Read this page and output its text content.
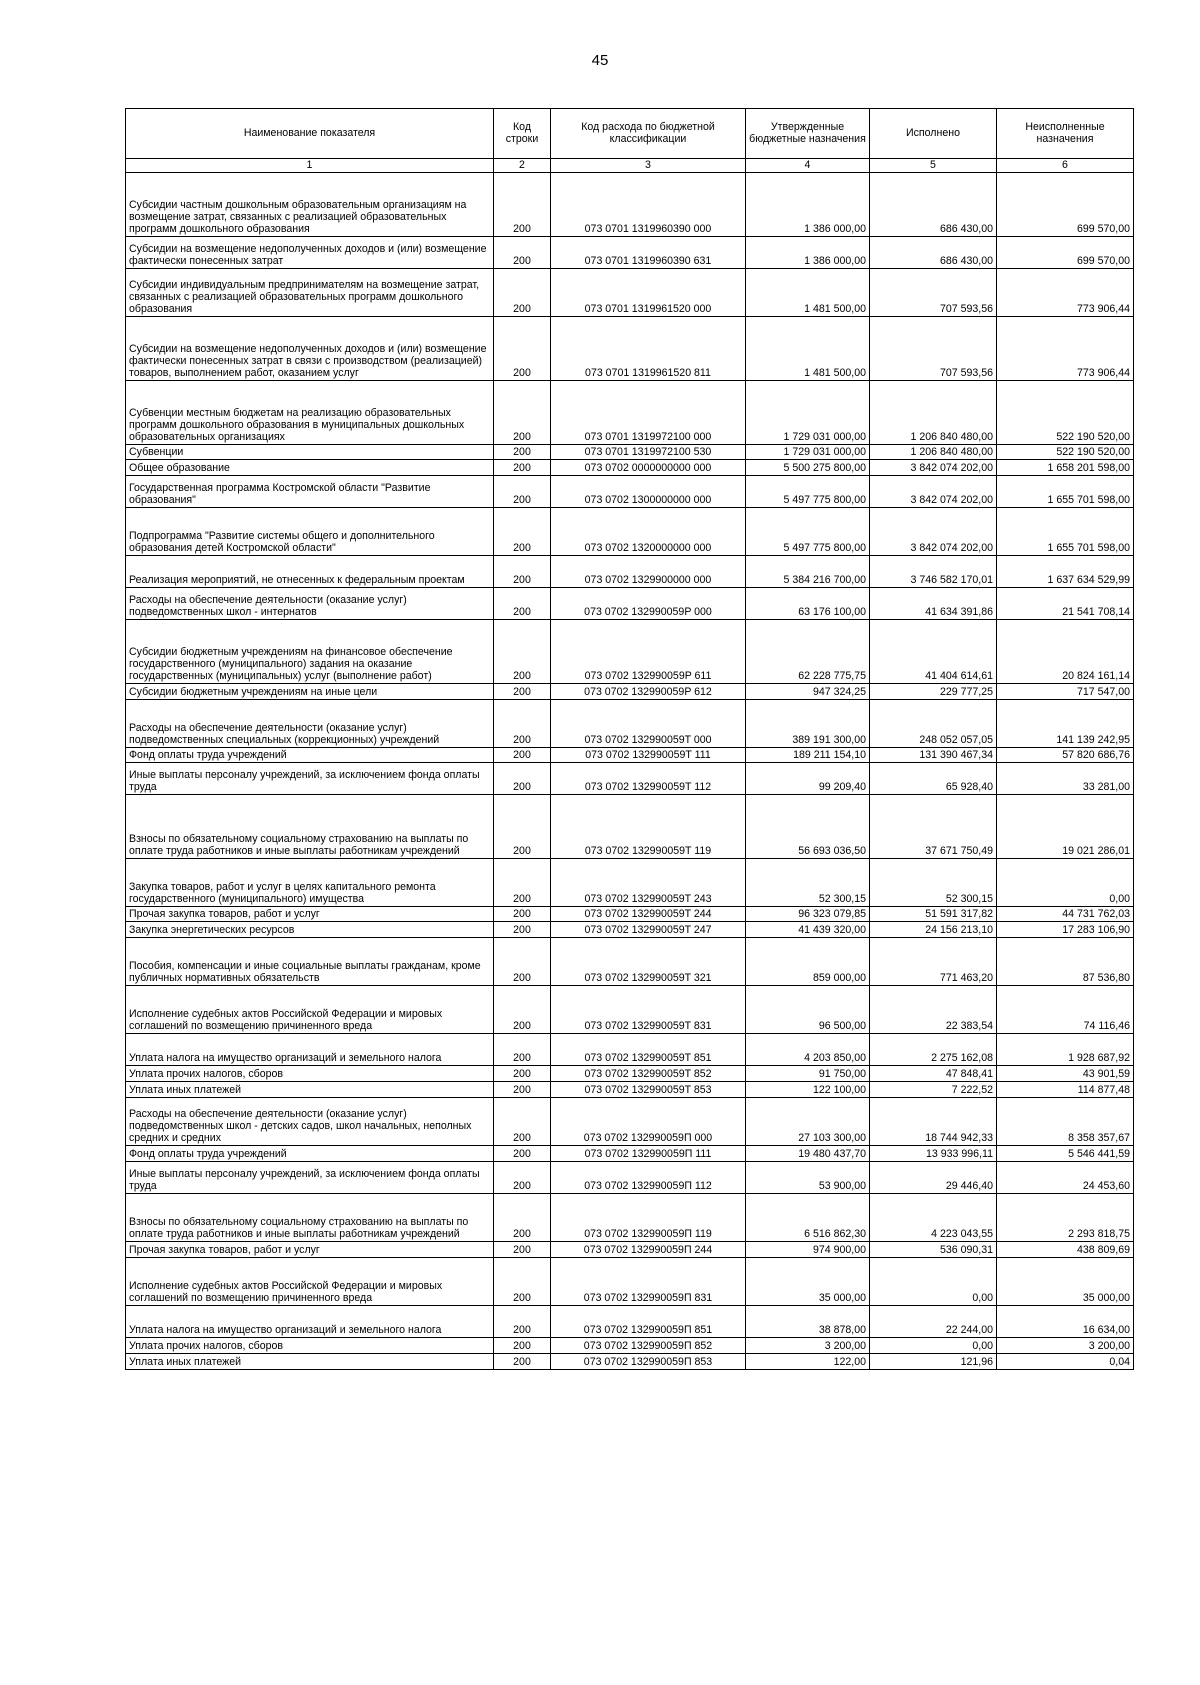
45
Наименование показателя	Код строки	Код расхода по бюджетной классификации	Утвержденные бюджетные назначения	Исполнено	Неисполненные назначения
1	2	3	4	5	6
Субсидии частным дошкольным образовательным организациям на возмещение затрат, связанных с реализацией образовательных программ дошкольного образования	200	073 0701 1319960390 000	1 386 000,00	686 430,00	699 570,00
Субсидии на возмещение недополученных доходов и (или) возмещение фактически понесенных затрат	200	073 0701 1319960390 631	1 386 000,00	686 430,00	699 570,00
Субсидии индивидуальным предпринимателям на возмещение затрат, связанных с реализацией образовательных программ дошкольного образования	200	073 0701 1319961520 000	1 481 500,00	707 593,56	773 906,44
Субсидии на возмещение недополученных доходов и (или) возмещение фактически понесенных затрат в связи с производством (реализацией) товаров, выполнением работ, оказанием услуг	200	073 0701 1319961520 811	1 481 500,00	707 593,56	773 906,44
Субвенции местным бюджетам на реализацию образовательных программ дошкольного образования в муниципальных дошкольных образовательных организациях	200	073 0701 1319972100 000	1 729 031 000,00	1 206 840 480,00	522 190 520,00
Субвенции	200	073 0701 1319972100 530	1 729 031 000,00	1 206 840 480,00	522 190 520,00
Общее образование	200	073 0702 0000000000 000	5 500 275 800,00	3 842 074 202,00	1 658 201 598,00
Государственная программа Костромской области "Развитие образования"	200	073 0702 1300000000 000	5 497 775 800,00	3 842 074 202,00	1 655 701 598,00
Подпрограмма "Развитие системы общего и дополнительного образования детей Костромской области"	200	073 0702 1320000000 000	5 497 775 800,00	3 842 074 202,00	1 655 701 598,00
Реализация мероприятий, не отнесенных к федеральным проектам	200	073 0702 1329900000 000	5 384 216 700,00	3 746 582 170,01	1 637 634 529,99
Расходы на обеспечение деятельности (оказание услуг) подведомственных школ - интернатов	200	073 0702 132990059P 000	63 176 100,00	41 634 391,86	21 541 708,14
Субсидии бюджетным учреждениям на финансовое обеспечение государственного (муниципального) задания на оказание государственных (муниципальных) услуг (выполнение работ)	200	073 0702 132990059P 611	62 228 775,75	41 404 614,61	20 824 161,14
Субсидии бюджетным учреждениям на иные цели	200	073 0702 132990059P 612	947 324,25	229 777,25	717 547,00
Расходы на обеспечение деятельности (оказание услуг) подведомственных специальных (коррекционных) учреждений	200	073 0702 132990059T 000	389 191 300,00	248 052 057,05	141 139 242,95
Фонд оплаты труда учреждений	200	073 0702 132990059T 111	189 211 154,10	131 390 467,34	57 820 686,76
Иные выплаты персоналу учреждений, за исключением фонда оплаты труда	200	073 0702 132990059T 112	99 209,40	65 928,40	33 281,00
Взносы по обязательному социальному страхованию на выплаты по оплате труда работников и иные выплаты работникам учреждений	200	073 0702 132990059T 119	56 693 036,50	37 671 750,49	19 021 286,01
Закупка товаров, работ и услуг в целях капитального ремонта государственного (муниципального) имущества	200	073 0702 132990059T 243	52 300,15	52 300,15	0,00
Прочая закупка товаров, работ и услуг	200	073 0702 132990059T 244	96 323 079,85	51 591 317,82	44 731 762,03
Закупка энергетических ресурсов	200	073 0702 132990059T 247	41 439 320,00	24 156 213,10	17 283 106,90
Пособия, компенсации и иные социальные выплаты гражданам, кроме публичных нормативных обязательств	200	073 0702 132990059T 321	859 000,00	771 463,20	87 536,80
Исполнение судебных актов Российской Федерации и мировых соглашений по возмещению причиненного вреда	200	073 0702 132990059T 831	96 500,00	22 383,54	74 116,46
Уплата налога на имущество организаций и земельного налога	200	073 0702 132990059T 851	4 203 850,00	2 275 162,08	1 928 687,92
Уплата прочих налогов, сборов	200	073 0702 132990059T 852	91 750,00	47 848,41	43 901,59
Уплата иных платежей	200	073 0702 132990059T 853	122 100,00	7 222,52	114 877,48
Расходы на обеспечение деятельности (оказание услуг) подведомственных школ - детских садов, школ начальных, неполных средних и средних	200	073 0702 132990059П 000	27 103 300,00	18 744 942,33	8 358 357,67
Фонд оплаты труда учреждений	200	073 0702 132990059П 111	19 480 437,70	13 933 996,11	5 546 441,59
Иные выплаты персоналу учреждений, за исключением фонда оплаты труда	200	073 0702 132990059П 112	53 900,00	29 446,40	24 453,60
Взносы по обязательному социальному страхованию на выплаты по оплате труда работников и иные выплаты работникам учреждений	200	073 0702 132990059П 119	6 516 862,30	4 223 043,55	2 293 818,75
Прочая закупка товаров, работ и услуг	200	073 0702 132990059П 244	974 900,00	536 090,31	438 809,69
Исполнение судебных актов Российской Федерации и мировых соглашений по возмещению причиненного вреда	200	073 0702 132990059П 831	35 000,00	0,00	35 000,00
Уплата налога на имущество организаций и земельного налога	200	073 0702 132990059П 851	38 878,00	22 244,00	16 634,00
Уплата прочих налогов, сборов	200	073 0702 132990059П 852	3 200,00	0,00	3 200,00
Уплата иных платежей	200	073 0702 132990059П 853	122,00	121,96	0,04
